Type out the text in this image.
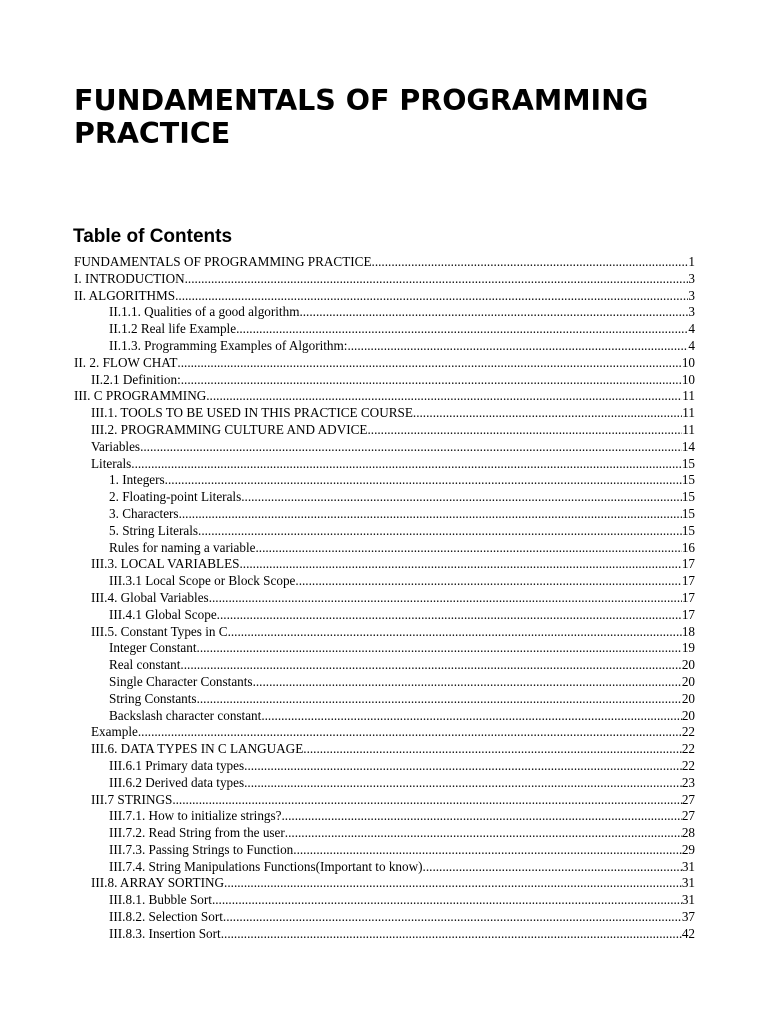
FUNDAMENTALS OF PROGRAMMING PRACTICE
Table of Contents
FUNDAMENTALS OF PROGRAMMING PRACTICE .....	1
I. INTRODUCTION .....	3
II. ALGORITHMS .....	3
II.1.1. Qualities of a good algorithm .....	3
II.1.2 Real life Example .....	4
II.1.3. Programming Examples of Algorithm: .....	4
II. 2. FLOW CHAT .....	10
II.2.1 Definition: .....	10
III. C PROGRAMMING .....	11
III.1. TOOLS TO BE USED IN THIS PRACTICE COURSE .....	11
III.2. PROGRAMMING CULTURE AND ADVICE .....	11
Variables .....	14
Literals .....	15
1. Integers .....	15
2. Floating-point Literals .....	15
3. Characters .....	15
5. String Literals .....	15
Rules for naming a variable .....	16
III.3. LOCAL VARIABLES .....	17
III.3.1 Local Scope or Block Scope .....	17
III.4. Global Variables .....	17
III.4.1 Global Scope .....	17
III.5. Constant Types in C .....	18
Integer Constant .....	19
Real constant .....	20
Single Character Constants .....	20
String Constants .....	20
Backslash character constant .....	20
Example .....	22
III.6. DATA TYPES IN C LANGUAGE .....	22
III.6.1 Primary data types .....	22
III.6.2 Derived data types .....	23
III.7 STRINGS .....	27
III.7.1. How to initialize strings? .....	27
III.7.2. Read String from the user .....	28
III.7.3. Passing Strings to Function .....	29
III.7.4. String Manipulations Functions(Important to know) .....	31
III.8. ARRAY SORTING .....	31
III.8.1. Bubble Sort .....	31
III.8.2. Selection Sort .....	37
III.8.3. Insertion Sort .....	42
